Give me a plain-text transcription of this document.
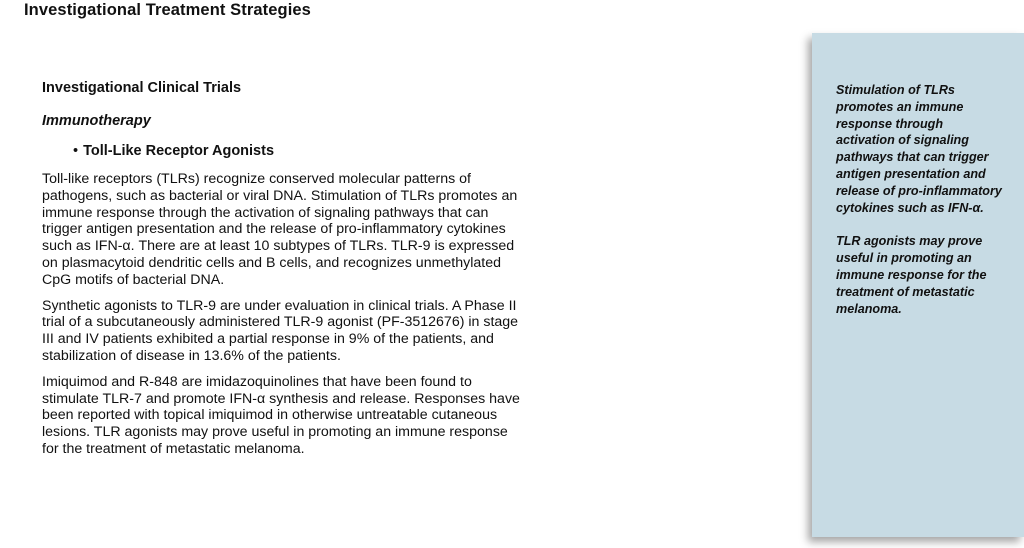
Investigational Treatment Strategies
Investigational Clinical Trials
Immunotherapy
• Toll-Like Receptor Agonists
Toll-like receptors (TLRs) recognize conserved molecular patterns of pathogens, such as bacterial or viral DNA. Stimulation of TLRs promotes an immune response through the activation of signaling pathways that can trigger antigen presentation and the release of pro-inflammatory cytokines such as IFN-α. There are at least 10 subtypes of TLRs. TLR-9 is expressed on plasmacytoid dendritic cells and B cells, and recognizes unmethylated CpG motifs of bacterial DNA.
Synthetic agonists to TLR-9 are under evaluation in clinical trials. A Phase II trial of a subcutaneously administered TLR-9 agonist (PF-3512676) in stage III and IV patients exhibited a partial response in 9% of the patients, and stabilization of disease in 13.6% of the patients.
Imiquimod and R-848 are imidazoquinolines that have been found to stimulate TLR-7 and promote IFN-α synthesis and release. Responses have been reported with topical imiquimod in otherwise untreatable cutaneous lesions. TLR agonists may prove useful in promoting an immune response for the treatment of metastatic melanoma.

Stimulation of TLRs promotes an immune response through activation of signaling pathways that can trigger antigen presentation and release of pro-inflammatory cytokines such as IFN-α.

TLR agonists may prove useful in promoting an immune response for the treatment of metastatic melanoma.
